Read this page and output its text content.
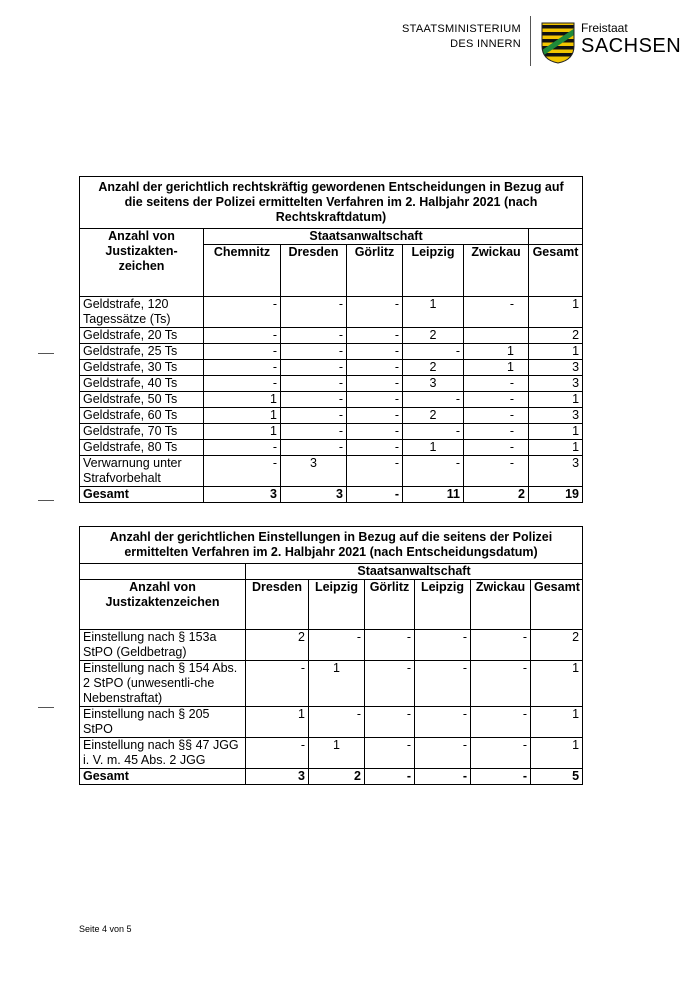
STAATSMINISTERIUM
DES INNERN
Freistaat
SACHSEN
Anzahl der gerichtlich rechtskräftig gewordenen Entscheidungen in Bezug auf die seitens der Polizei ermittelten Verfahren im 2. Halbjahr 2021 (nach Rechtskraftdatum)						
Anzahl von Justizakten-zeichen	Staatsanwaltschaft					
	Chemnitz	Dresden	Görlitz	Leipzig	Zwickau	Gesamt
Geldstrafe, 120 Tagessätze (Ts)	-	-	-	1	-	1
Geldstrafe, 20 Ts	-	-	-	2		2
Geldstrafe, 25 Ts	-	-	-	-	1	1
Geldstrafe, 30 Ts	-	-	-	2	1	3
Geldstrafe, 40 Ts	-	-	-	3	-	3
Geldstrafe, 50 Ts	1	-	-	-	-	1
Geldstrafe, 60 Ts	1	-	-	2	-	3
Geldstrafe, 70 Ts	1	-	-	-	-	1
Geldstrafe, 80 Ts	-	-	-	1	-	1
Verwarnung unter Strafvorbehalt	-	3	-	-	-	3
Gesamt	3	3	-	11	2	19
Anzahl der gerichtlichen Einstellungen in Bezug auf die seitens der Polizei ermittelten Verfahren im 2. Halbjahr 2021 (nach Entscheidungsdatum)						
	Staatsanwaltschaft					
Anzahl von Justizaktenzeichen	Dresden	Leipzig	Görlitz	Leipzig	Zwickau	Gesamt
Einstellung nach § 153a StPO (Geldbetrag)	2	-	-	-	-	2
Einstellung nach § 154 Abs. 2 StPO (unwesentli-che Nebenstraftat)	-	1	-	-	-	1
Einstellung nach § 205 StPO	1	-	-	-	-	1
Einstellung nach §§ 47 JGG i. V. m. 45 Abs. 2 JGG	-	1	-	-	-	1
Gesamt	3	2	-	-	-	5
Seite 4 von 5
